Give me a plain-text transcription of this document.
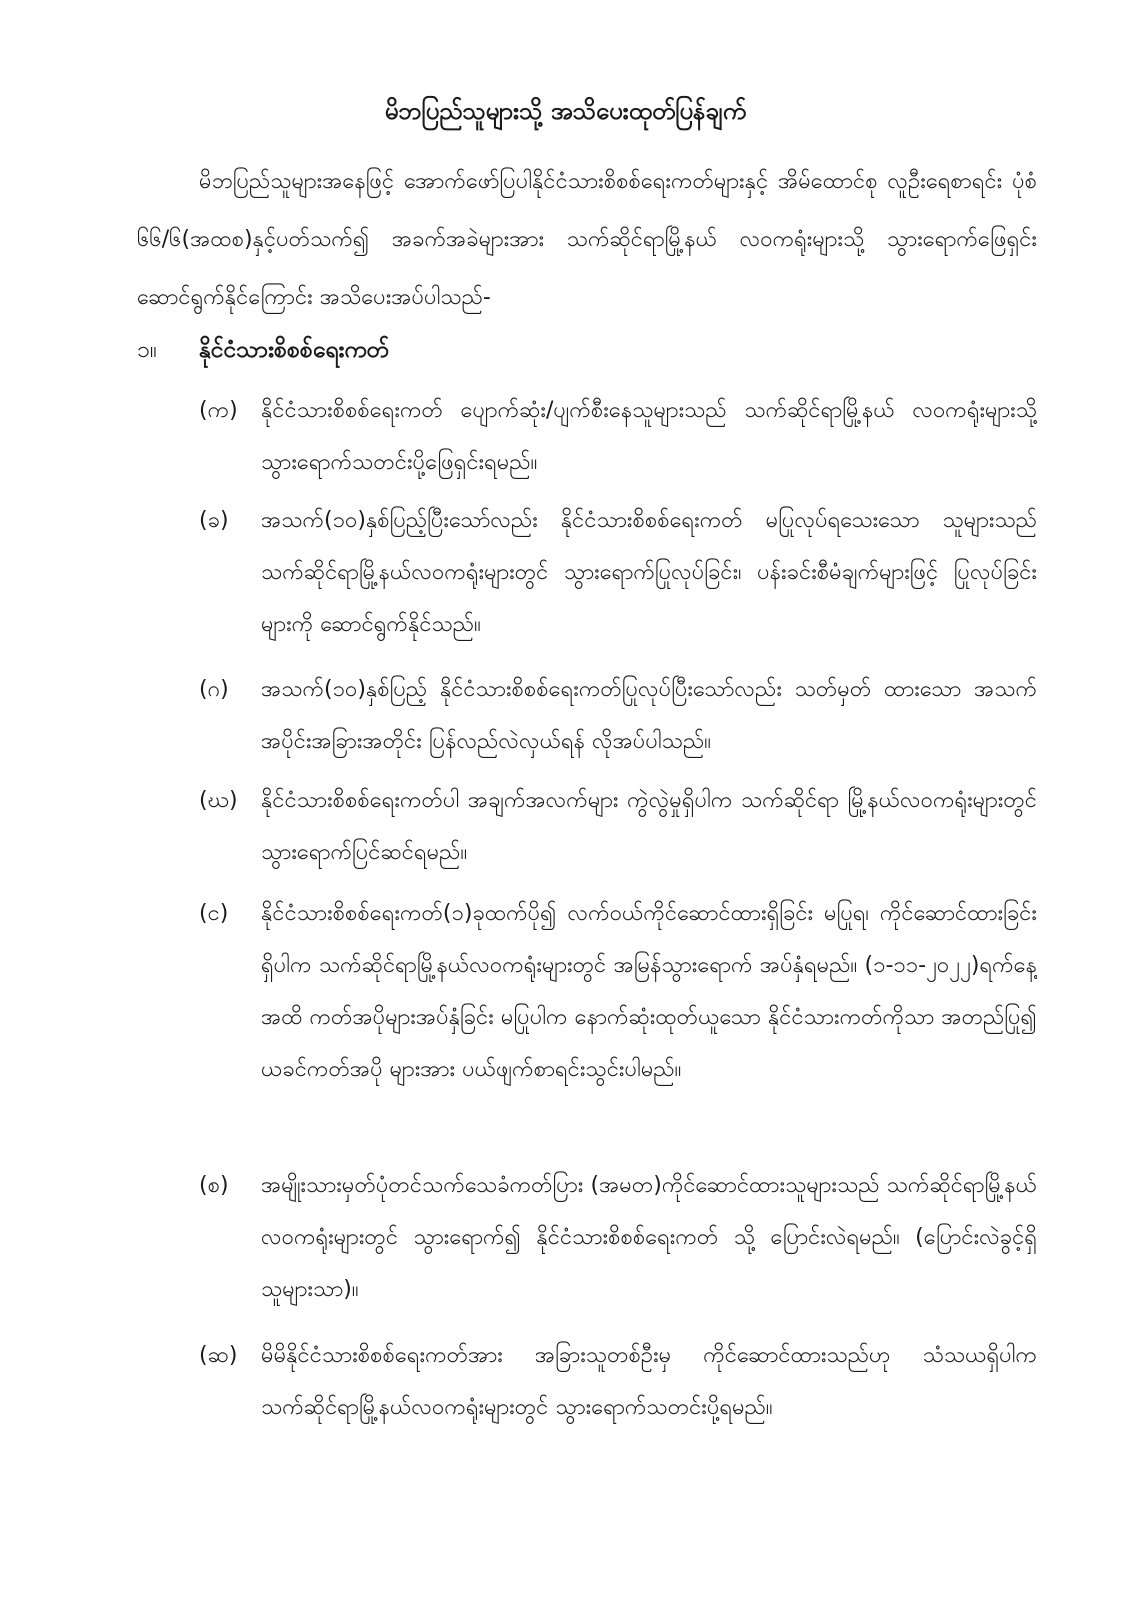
မိဘပြည်သူများသို့ အသိပေးထုတ်ပြန်ချက်
မိဘပြည်သူများအနေဖြင့် အောက်ဖော်ပြပါနိုင်ငံသားစိစစ်ရေးကတ်များနှင့် အိမ်ထောင်စု လူဦးရေစာရင်း ပုံစံ ၆၆/၆(အထစ)နှင့်ပတ်သက်၍ အခက်အခဲများအား သက်ဆိုင်ရာမြို့နယ် လဝကရုံးများသို့ သွားရောက်ဖြေရှင်းဆောင်ရွက်နိုင်ကြောင်း အသိပေးအပ်ပါသည်-
၁။ နိုင်ငံသားစိစစ်ရေးကတ်
(က)	နိုင်ငံသားစိစစ်ရေးကတ် ပျောက်ဆုံး/ပျက်စီးနေသူများသည် သက်ဆိုင်ရာမြို့နယ် လဝကရုံးများသို့ သွားရောက်သတင်းပို့ဖြေရှင်းရမည်။
(ခ)	အသက်(၁၀)နှစ်ပြည့်ပြီးသော်လည်း နိုင်ငံသားစိစစ်ရေးကတ် မပြုလုပ်ရသေးသော သူများသည် သက်ဆိုင်ရာမြို့နယ်လဝကရုံးများတွင် သွားရောက်ပြုလုပ်ခြင်း၊ ပန်းခင်းစီမံချက်များဖြင့် ပြုလုပ်ခြင်းများကို ဆောင်ရွက်နိုင်သည်။
(ဂ)	အသက်(၁၀)နှစ်ပြည့် နိုင်ငံသားစိစစ်ရေးကတ်ပြုလုပ်ပြီးသော်လည်း သတ်မှတ် ထားသော အသက်အပိုင်းအခြားအတိုင်း ပြန်လည်လဲလှယ်ရန် လိုအပ်ပါသည်။
(ဃ)	နိုင်ငံသားစိစစ်ရေးကတ်ပါ အချက်အလက်များ ကွဲလွဲမှုရှိပါက သက်ဆိုင်ရာ မြို့နယ်လဝကရုံးများတွင် သွားရောက်ပြင်ဆင်ရမည်။
(င)	နိုင်ငံသားစိစစ်ရေးကတ်(၁)ခုထက်ပို၍ လက်ဝယ်ကိုင်ဆောင်ထားရှိခြင်း မပြုရ၊ ကိုင်ဆောင်ထားခြင်းရှိပါက သက်ဆိုင်ရာမြို့နယ်လဝကရုံးများတွင် အမြန်သွားရောက် အပ်နှံရမည်။ (၁-၁၁-၂၀၂၂)ရက်နေ့အထိ ကတ်အပိုများအပ်နှံခြင်း မပြုပါက နောက်ဆုံးထုတ်ယူသော နိုင်ငံသားကတ်ကိုသာ အတည်ပြု၍ ယခင်ကတ်အပို များအား ပယ်ဖျက်စာရင်းသွင်းပါမည်။
(စ)	အမျိုးသားမှတ်ပုံတင်သက်သေခံကတ်ပြား (အမတ)ကိုင်ဆောင်ထားသူများသည် သက်ဆိုင်ရာမြို့နယ်လဝကရုံးများတွင် သွားရောက်၍ နိုင်ငံသားစိစစ်ရေးကတ် သို့ ပြောင်းလဲရမည်။ (ပြောင်းလဲခွင့်ရှိသူများသာ)။
(ဆ)	မိမိနိုင်ငံသားစိစစ်ရေးကတ်အား အခြားသူတစ်ဦးမှ ကိုင်ဆောင်ထားသည်ဟု သံသယရှိပါက သက်ဆိုင်ရာမြို့နယ်လဝကရုံးများတွင် သွားရောက်သတင်းပို့ရမည်။
